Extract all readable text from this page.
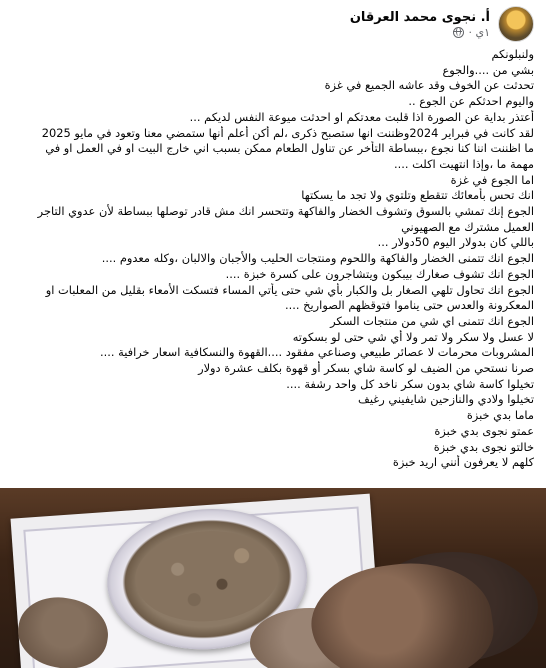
أ. نجوى محمد العرقان
١ي ·
ولنبلونكم
بشي من ....والجوع
تحدثت عن الخوف وقد عاشه الجميع في غزة
واليوم احدثكم عن الجوع ..
أعتذر بداية عن الصورة اذا قلبت معدتكم او احدثت ميوعة النفس لديكم ...
لقد كانت في فبراير 2024وظننت انها ستصبح ذكرى ،لم أكن أعلم أنها ستمضي معنا وتعود في مايو 2025
ما اظننت اننا كنا نجوع ،ببساطة التأخر عن تناول الطعام ممكن بسبب اني خارج البيت او في العمل او في
مهمة ما ،وإذا انتهيت اكلت ....
اما الجوع في غزة
انك تحس بأمعائك تتقطع وتلتوي ولا تجد ما يسكتها
الجوع إنك تمشي بالسوق وتشوف الخضار والفاكهة وتتحسر انك مش قادر توصلها ببساطة لأن عدوي التاجر
العميل مشترك مع الصهيوني
باللي كان بدولار اليوم 50دولار ...
الجوع انك تتمنى الخضار والفاكهة واللحوم ومنتجات الحليب والأجبان والالبان ،وكله معدوم ....
الجوع انك تشوف صغارك بيبكون ويتشاجرون على كسرة خبزة ....
الجوع انك تحاول تلهي الصغار بل والكبار بأي شي حتى يأتي المساء فتسكت الأمعاء بقليل من المعلبات او
المعكرونة والعدس حتى يناموا فتوقظهم الصواريخ ....
الجوع انك تتمنى اي شي من منتجات السكر
لا عسل ولا سكر ولا تمر ولا أي شي حتى لو بسكوته
المشروبات محرمات لا عصائر طبيعي وصناعي مفقود ....القهوة والنسكافية اسعار خرافية ....
صرنا نستحي من الضيف لو كاسة شاي بسكر أو قهوة بكلف عشرة دولار
تخيلوا كاسة شاي بدون سكر ناخد كل واحد رشفة ....
تخيلوا ولادي والنازحين شايفيني رغيف
ماما بدي خبزة
عمتو نجوى بدي خبزة
خالتو نجوى بدي خبزة
كلهم لا يعرفون أنني اريد خبزة
